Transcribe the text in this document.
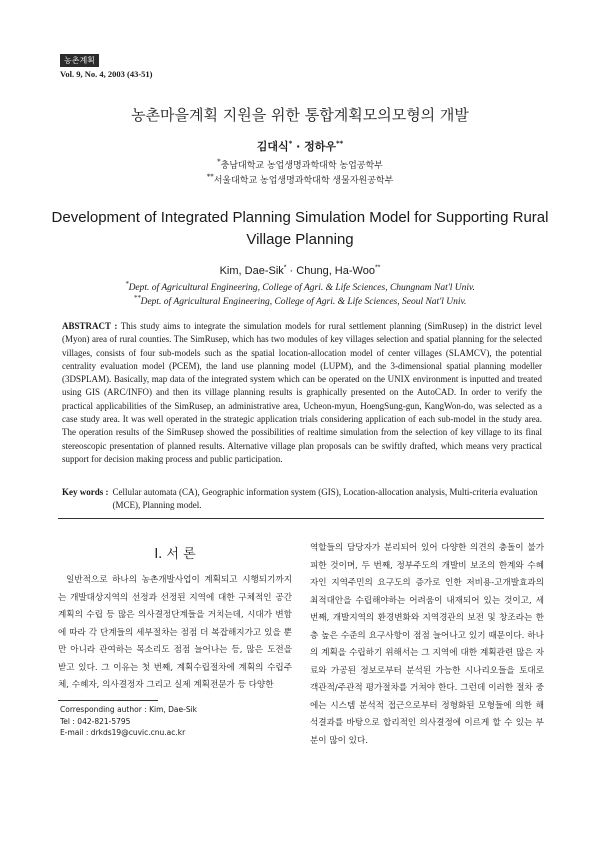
농촌계획
Vol. 9, No. 4, 2003 (43-51)
농촌마을계획 지원을 위한 통합계획모의모형의 개발
김대식* · 정하우**
*충남대학교 농업생명과학대학 농업공학부
**서울대학교 농업생명과학대학 생물자원공학부
Development of Integrated Planning Simulation Model for Supporting Rural Village Planning
Kim, Dae-Sik* · Chung, Ha-Woo**
*Dept. of Agricultural Engineering, College of Agri. & Life Sciences, Chungnam Nat'l Univ.
**Dept. of Agricultural Engineering, College of Agri. & Life Sciences, Seoul Nat'l Univ.

ABSTRACT : This study aims to integrate the simulation models for rural settlement planning (SimRusep) in the district level (Myon) area of rural counties. The SimRusep, which has two modules of key villages selection and spatial planning for the selected villages, consists of four sub-models such as the spatial location-allocation model of center villages (SLAMCV), the potential centrality evaluation model (PCEM), the land use planning model (LUPM), and the 3-dimensional spatial planning modeller (3DSPLAM). Basically, map data of the integrated system which can be operated on the UNIX environment is inputted and treated using GIS (ARC/INFO) and then its village planning results is graphically presented on the AutoCAD. In order to verify the practical applicabilities of the SimRusep, an administrative area, Ucheon-myun, HoengSung-gun, KangWon-do, was selected as a case study area. It was well operated in the strategic application trials considering application of each sub-model in the study area. The operation results of the SimRusep showed the possibilities of realtime simulation from the selection of key village to its final stereoscopic presentation of planned results. Alternative village plan proposals can be swiftly drafted, which means very practical support for decision making process and public participation.

Key words : Cellular automata (CA), Geographic information system (GIS), Location-allocation analysis, Multi-criteria evaluation (MCE), Planning model.
I. 서 론

일반적으로 하나의 농촌개발사업이 계획되고 시행되기까지는 개발대상지역의 선정과 선정된 지역에 대한 구체적인 공간계획의 수립 등 많은 의사결정단계들을 거치는데, 시대가 변함에 따라 각 단계들의 세부절차는 점점 더 복잡해지가고 있을 뿐만 아니라 관여하는 목소리도 점점 늘어나는 등, 많은 도전을 받고 있다. 그 이유는 첫 번째, 계획수립절차에 계획의 수립주체, 수혜자, 의사결정자 그리고 실제 계획전문가 등 다양한

역할들의 담당자가 분리되어 있어 다양한 의견의 충돌이 불가피한 것이며, 두 번째, 정부주도의 개발비 보조의 한계와 수혜자인 지역주민의 요구도의 증가로 인한 저비용-고개발효과의 최적대안을 수립해야하는 어려움이 내재되어 있는 것이고, 세 번째, 개발지역의 환경변화와 지역경관의 보전 및 창조라는 한층 높은 수준의 요구사항이 점점 늘어나고 있기 때문이다. 하나의 계획을 수립하기 위해서는 그 지역에 대한 계획관련 많은 자료와 가공된 정보로부터 분석된 가능한 시나리오들을 토대로 객관적/주관적 평가절차를 거쳐야 한다. 그런데 이러한 절차 중에는 시스템 분석적 접근으로부터 정형화된 모형들에 의한 해석결과를 바탕으로 합리적인 의사결정에 이르게 할 수 있는 부분이 많이 있다.

Corresponding author : Kim, Dae-Sik
Tel : 042-821-5795
E-mail : drkds19@cuvic.cnu.ac.kr
